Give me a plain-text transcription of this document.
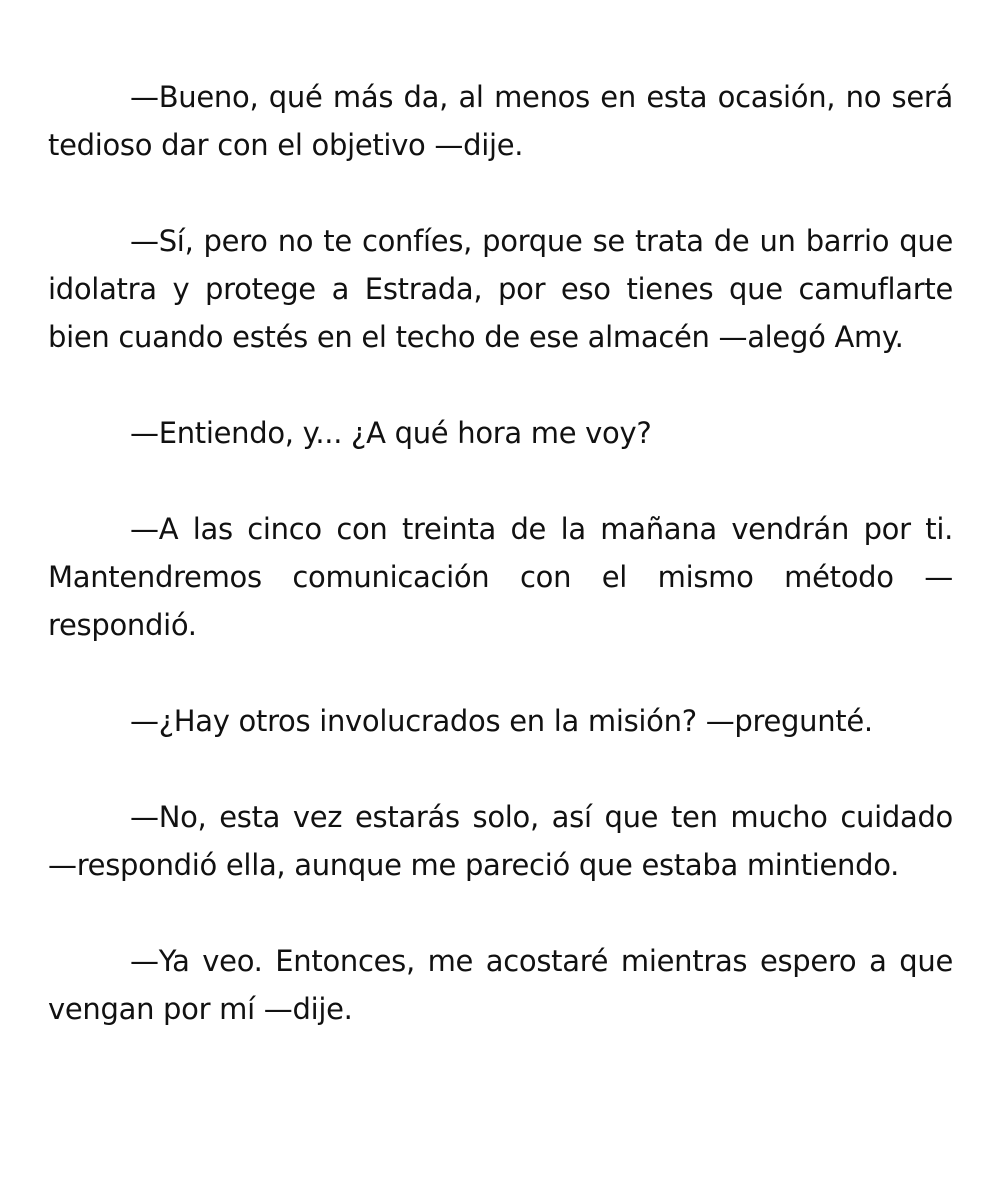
—Bueno, qué más da, al menos en esta ocasión, no será tedioso dar con el objetivo —dije.

—Sí, pero no te confíes, porque se trata de un barrio que idolatra y protege a Estrada, por eso tienes que camuflarte bien cuando estés en el techo de ese almacén —alegó Amy.

—Entiendo, y... ¿A qué hora me voy?

—A las cinco con treinta de la mañana vendrán por ti. Mantendremos comunicación con el mismo método —respondió.

—¿Hay otros involucrados en la misión? —pregunté.

—No, esta vez estarás solo, así que ten mucho cuidado —respondió ella, aunque me pareció que estaba mintiendo.

—Ya veo. Entonces, me acostaré mientras espero a que vengan por mí —dije.
